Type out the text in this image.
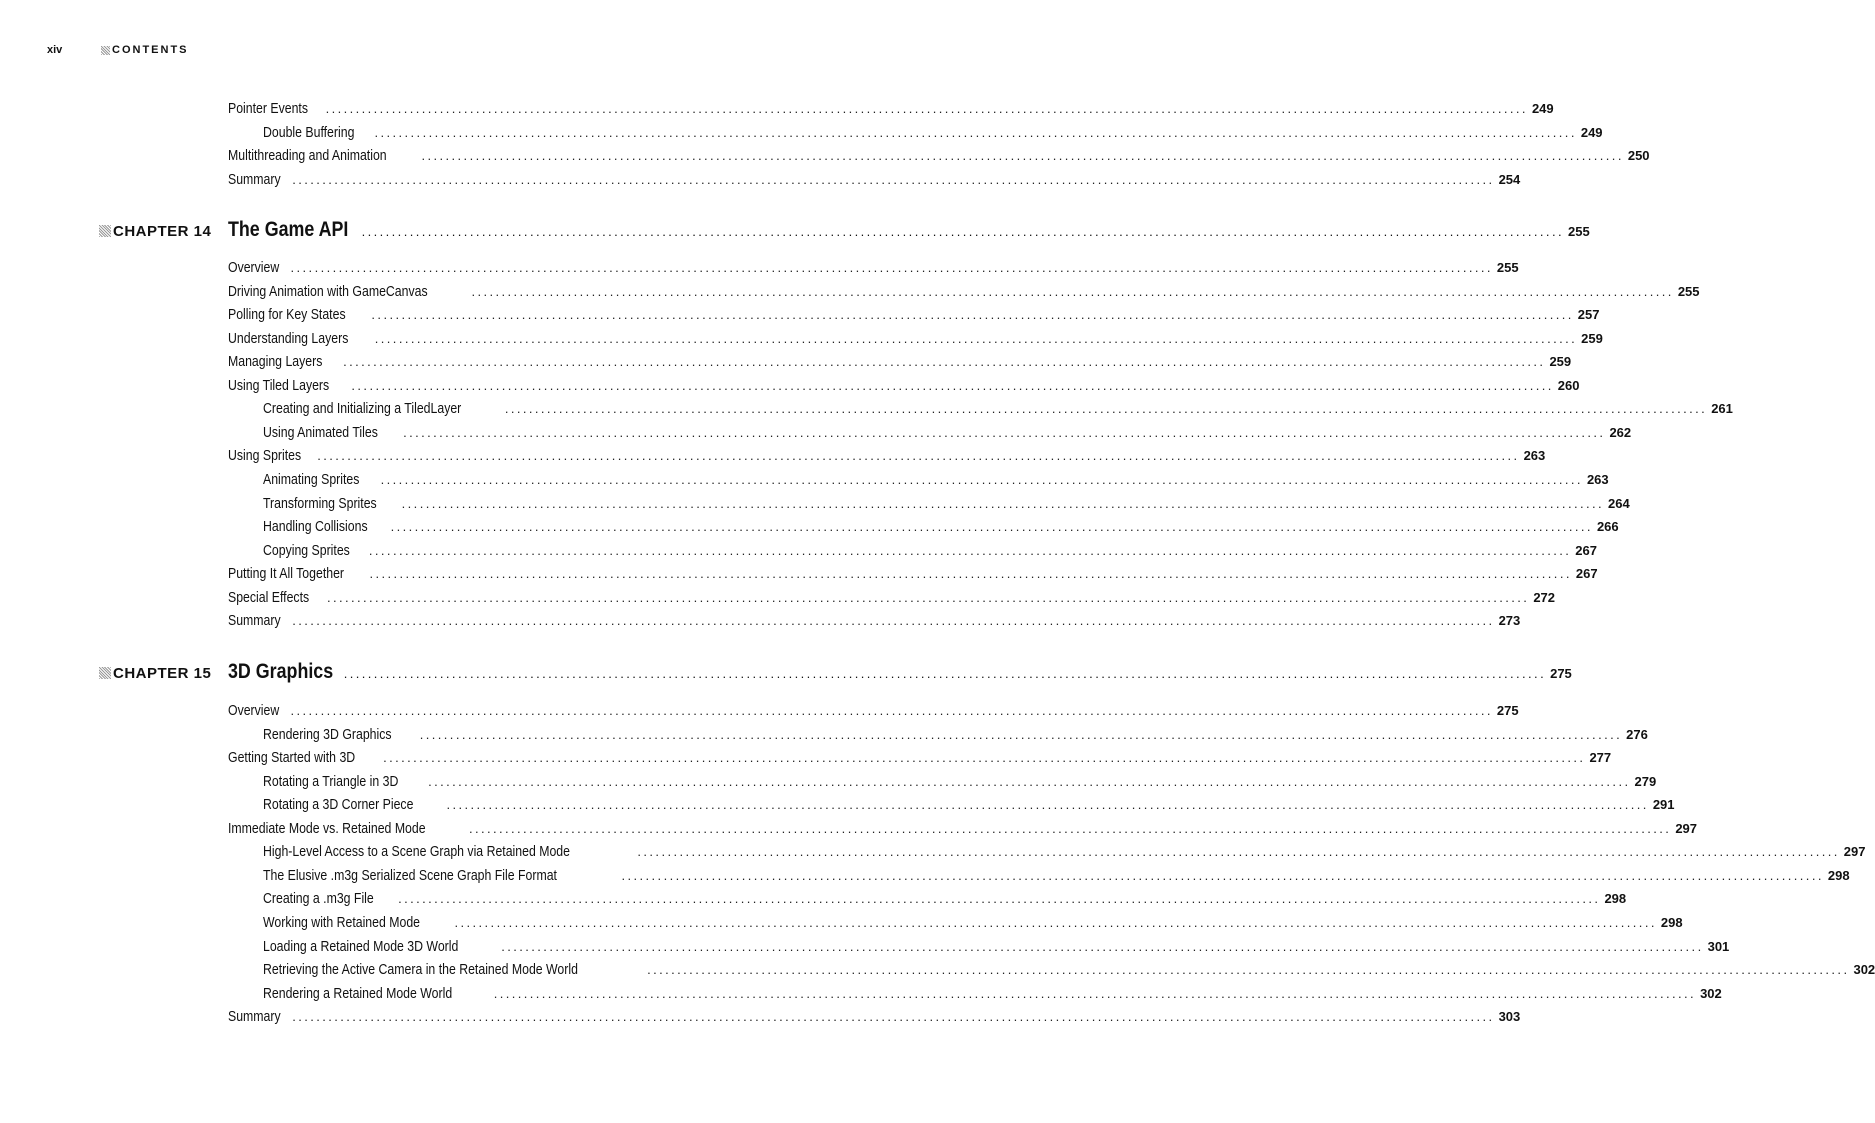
xiv	CONTENTS
Pointer Events ........................................................................................................................................................................................................ 249
Double Buffering ........................................................................................................................................................................................................ 249
Multithreading and Animation	........................................................................................................................................................................................................ 250
Summary ........................................................................................................................................................................................................ 254
CHAPTER 14 The Game API ........................................................................................................................................................................................................ 255
Overview ........................................................................................................................................................................................................ 255
Driving Animation with GameCanvas	........................................................................................................................................................................................................ 255
Polling for Key States ........................................................................................................................................................................................................ 257
Understanding Layers ........................................................................................................................................................................................................ 259
Managing Layers ........................................................................................................................................................................................................ 259
Using Tiled Layers ........................................................................................................................................................................................................ 260
Creating and Initializing a TiledLayer	........................................................................................................................................................................................................ 261
Using Animated Tiles ........................................................................................................................................................................................................ 262
Using Sprites ........................................................................................................................................................................................................ 263
Animating Sprites ........................................................................................................................................................................................................ 263
Transforming Sprites ........................................................................................................................................................................................................ 264
Handling Collisions ........................................................................................................................................................................................................ 266
Copying Sprites ........................................................................................................................................................................................................ 267
Putting It All Together ........................................................................................................................................................................................................ 267
Special Effects ........................................................................................................................................................................................................ 272
Summary ........................................................................................................................................................................................................ 273
CHAPTER 15 3D Graphics ........................................................................................................................................................................................................ 275
Overview ........................................................................................................................................................................................................ 275
Rendering 3D Graphics ........................................................................................................................................................................................................ 276
Getting Started with 3D ........................................................................................................................................................................................................ 277
Rotating a Triangle in 3D ........................................................................................................................................................................................................ 279
Rotating a 3D Corner Piece	........................................................................................................................................................................................................ 291
Immediate Mode vs. Retained Mode	........................................................................................................................................................................................................ 297
High-Level Access to a Scene Graph via Retained Mode	........................................................................................................................................................................................................ 297
The Elusive .m3g Serialized Scene Graph File Format	........................................................................................................................................................................................................ 298
Creating a .m3g File ........................................................................................................................................................................................................ 298
Working with Retained Mode	........................................................................................................................................................................................................ 298
Loading a Retained Mode 3D World	........................................................................................................................................................................................................ 301
Retrieving the Active Camera in the Retained Mode World	........................................................................................................................................................................................................ 302
Rendering a Retained Mode World	........................................................................................................................................................................................................ 302
Summary ........................................................................................................................................................................................................ 303
